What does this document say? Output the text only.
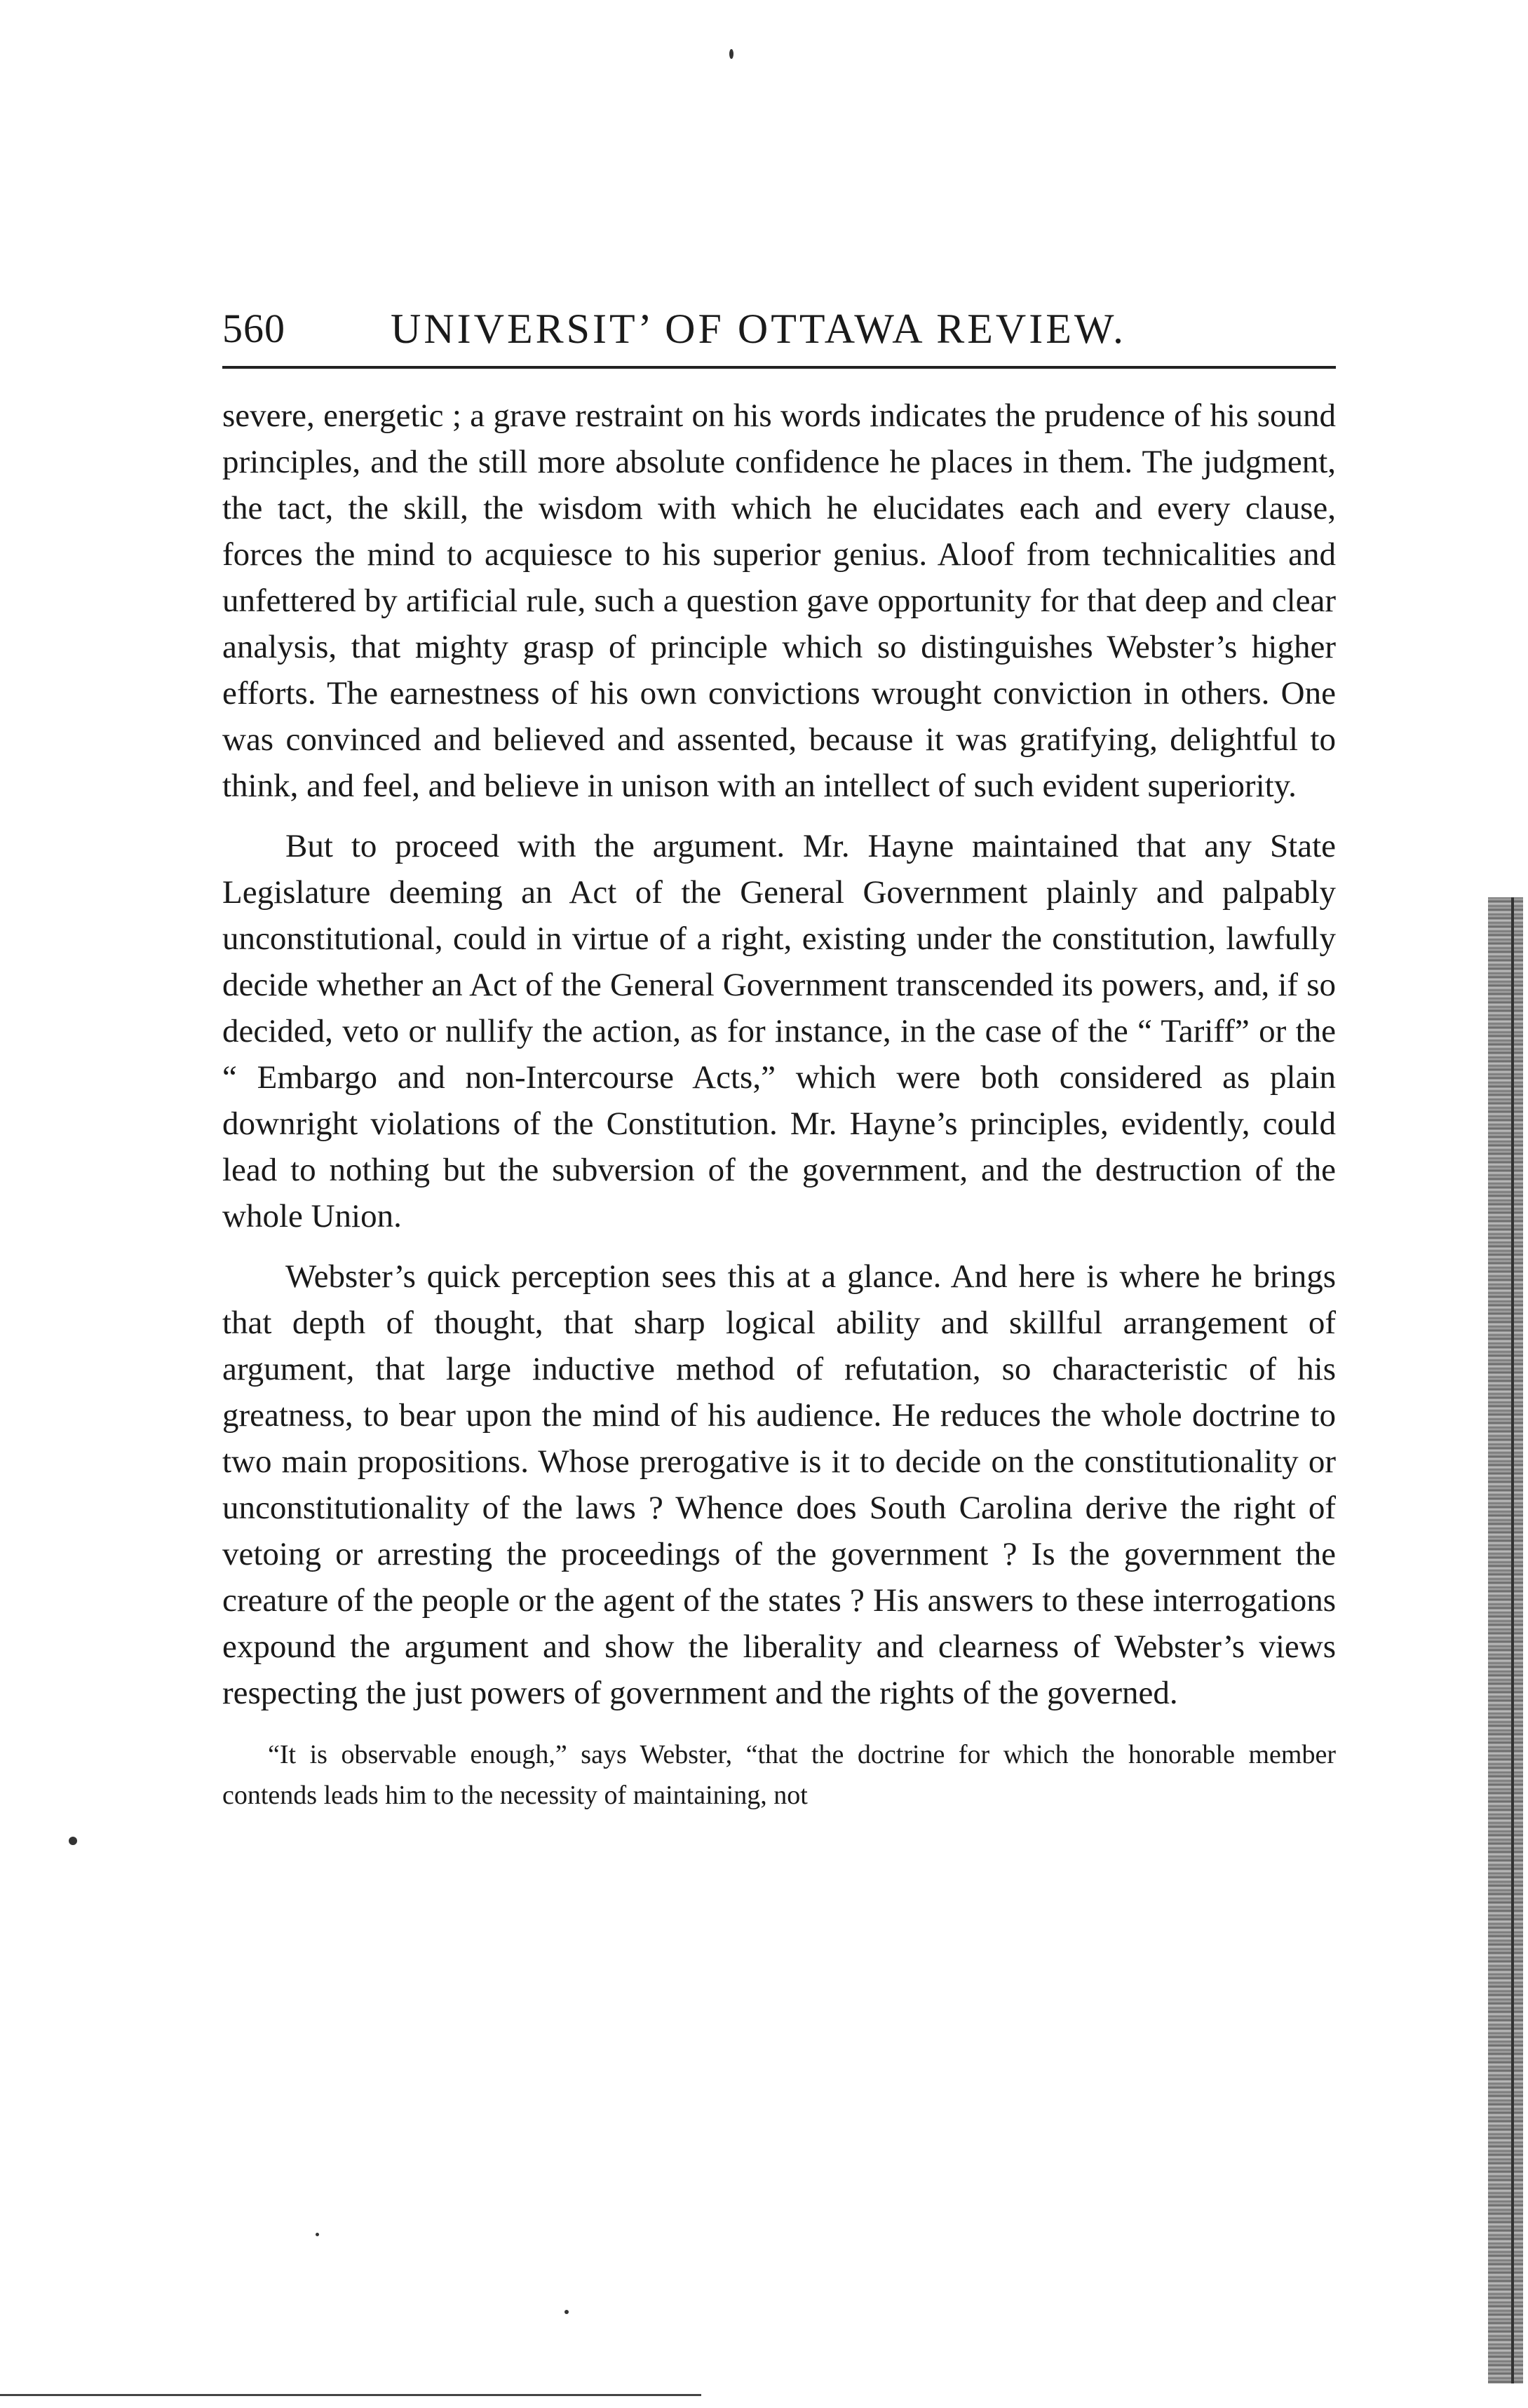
560	UNIVERSIT’ OF OTTAWA REVIEW.

severe, energetic ; a grave restraint on his words indicates the prudence of his sound principles, and the still more absolute confidence he places in them. The judgment, the tact, the skill, the wisdom with which he elucidates each and every clause, forces the mind to acquiesce to his superior genius. Aloof from technicalities and unfettered by artificial rule, such a question gave opportunity for that deep and clear analysis, that mighty grasp of principle which so distinguishes Webster’s higher efforts. The earnestness of his own convictions wrought conviction in others. One was convinced and believed and assented, because it was gratifying, delightful to think, and feel, and believe in unison with an intellect of such evident superiority.

But to proceed with the argument. Mr. Hayne maintained that any State Legislature deeming an Act of the General Government plainly and palpably unconstitutional, could in virtue of a right, existing under the constitution, lawfully decide whether an Act of the General Government transcended its powers, and, if so decided, veto or nullify the action, as for instance, in the case of the “ Tariff” or the “ Embargo and non-Intercourse Acts,” which were both considered as plain downright violations of the Constitution. Mr. Hayne’s principles, evidently, could lead to nothing but the subversion of the government, and the destruction of the whole Union.

Webster’s quick perception sees this at a glance. And here is where he brings that depth of thought, that sharp logical ability and skillful arrangement of argument, that large inductive method of refutation, so characteristic of his greatness, to bear upon the mind of his audience. He reduces the whole doctrine to two main propositions. Whose prerogative is it to decide on the constitutionality or unconstitutionality of the laws ? Whence does South Carolina derive the right of vetoing or arresting the proceedings of the government ? Is the government the creature of the people or the agent of the states ? His answers to these interrogations expound the argument and show the liberality and clearness of Webster’s views respecting the just powers of government and the rights of the governed.

“It is observable enough,” says Webster, “that the doctrine for which the honorable member contends leads him to the necessity of maintaining, not
